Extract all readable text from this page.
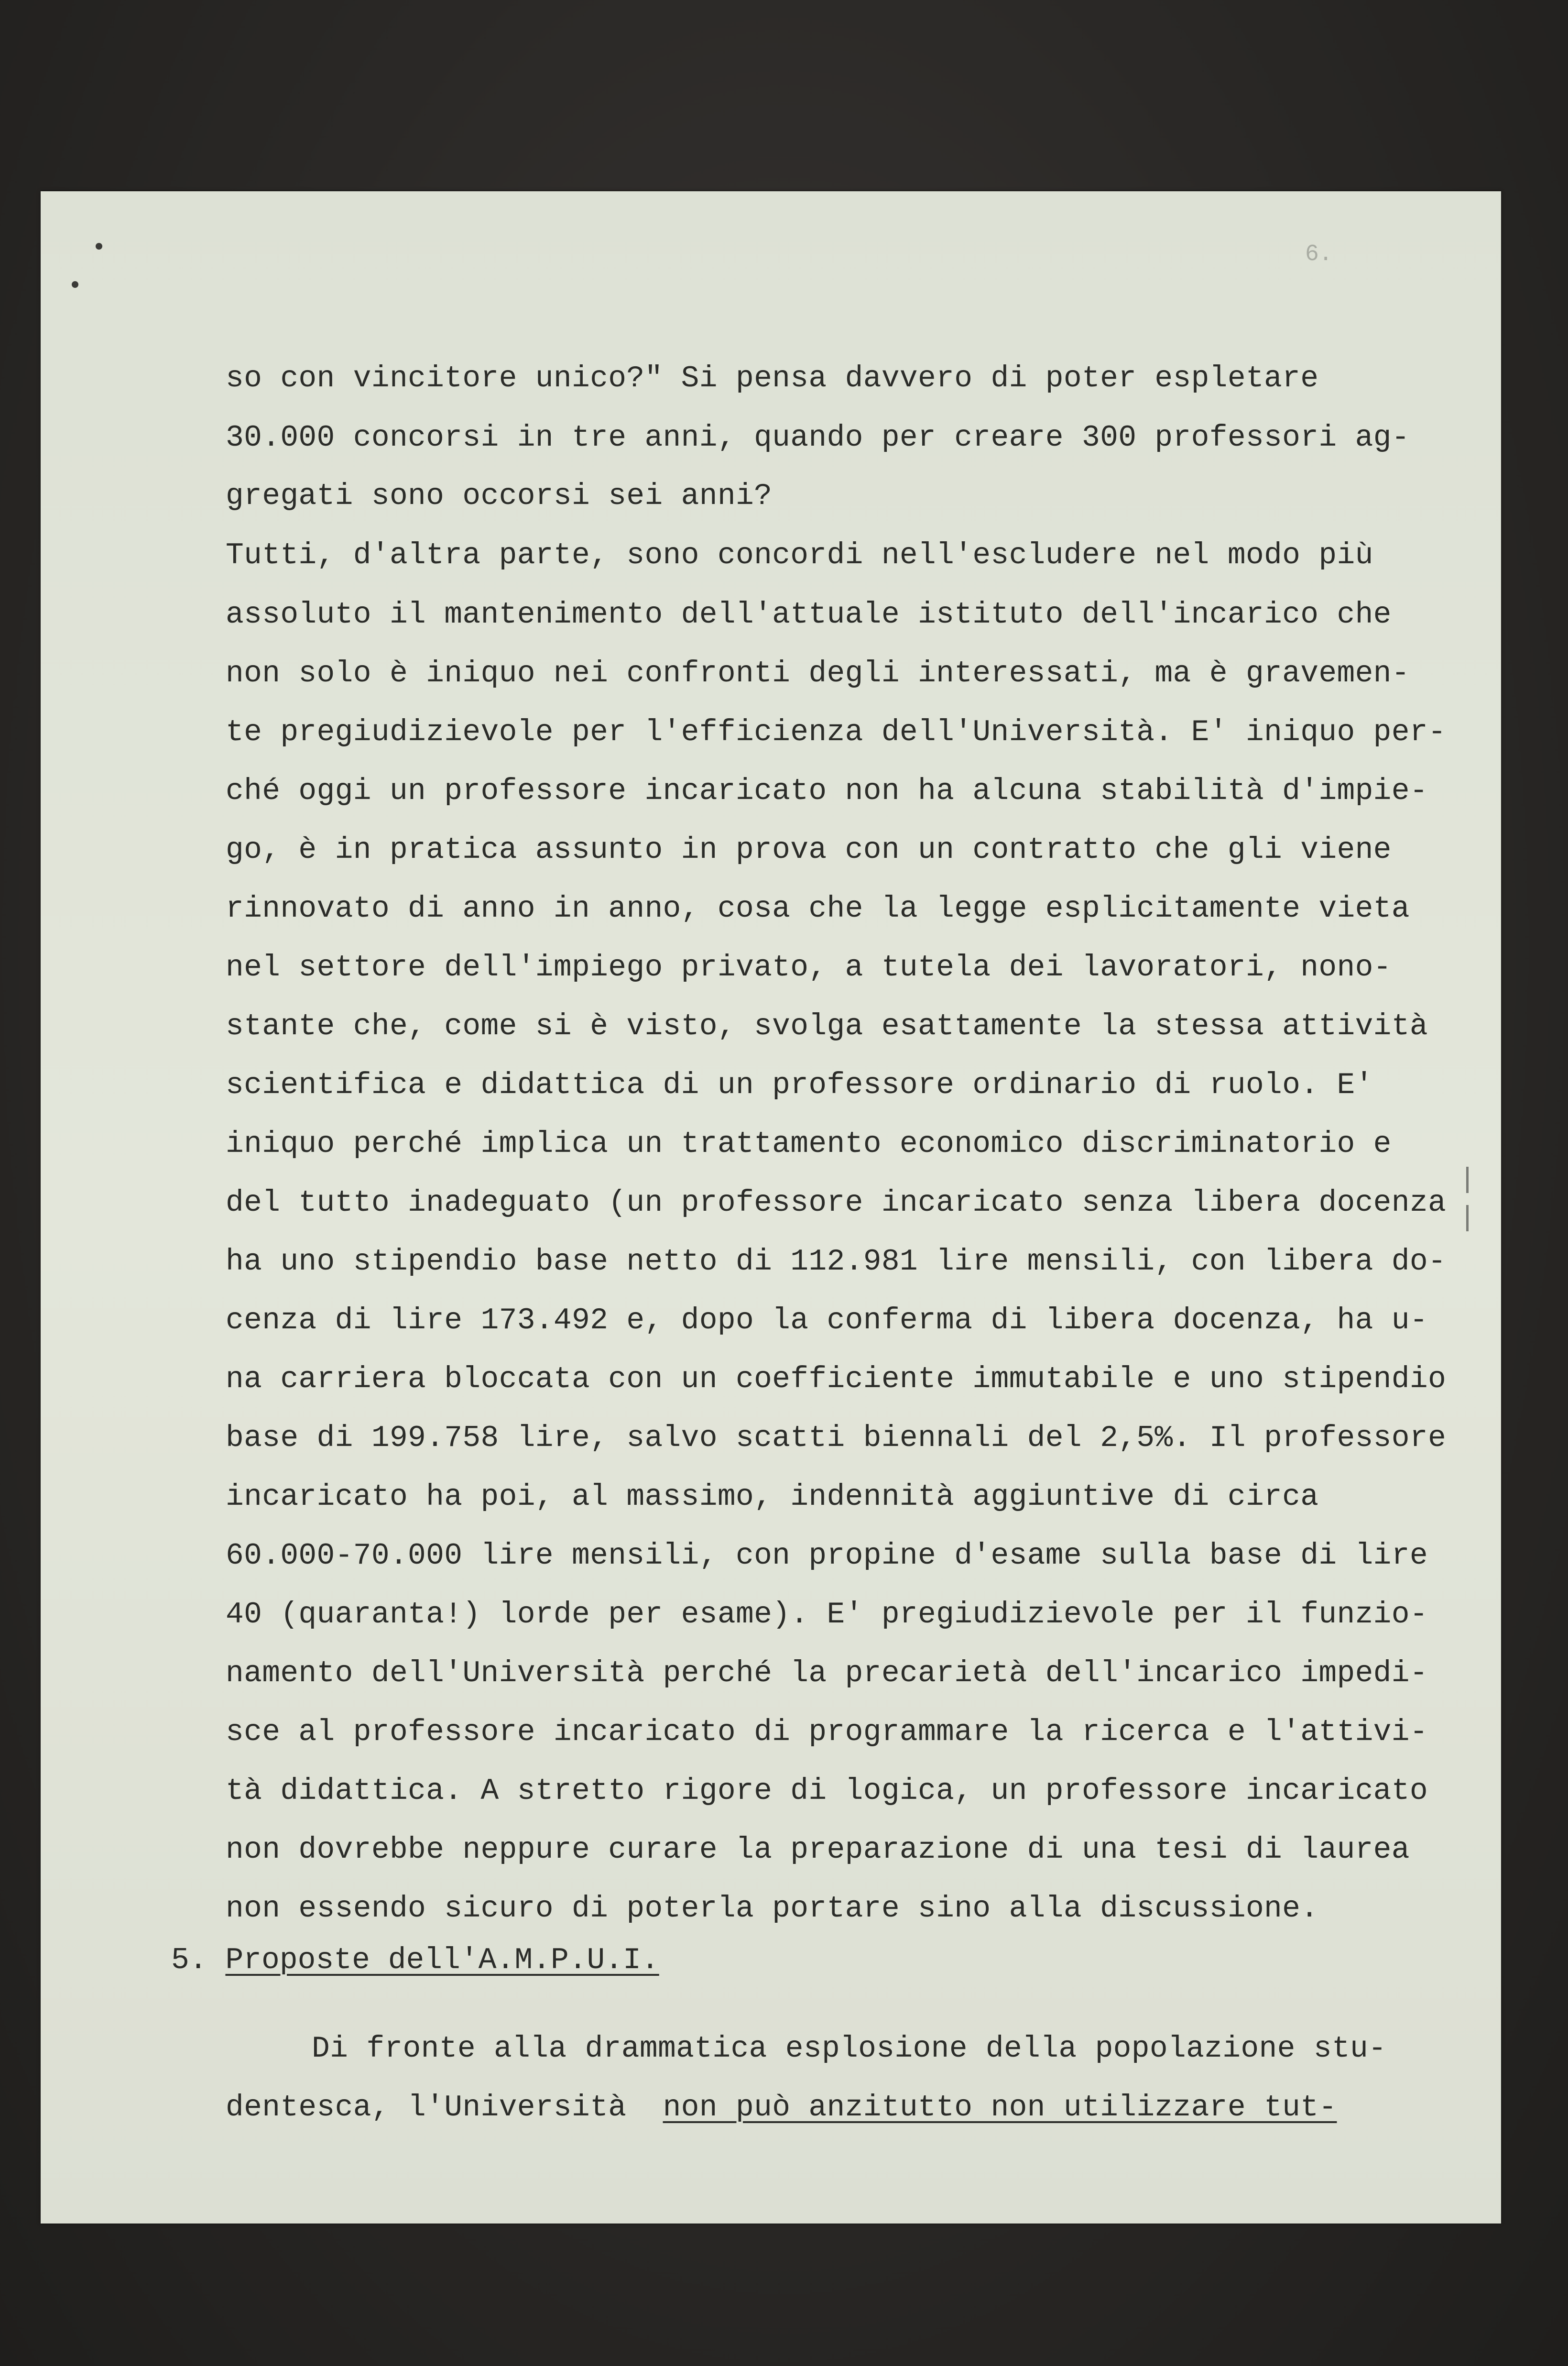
6.
so con vincitore unico?" Si pensa davvero di poter espletare
30.000 concorsi in tre anni, quando per creare 300 professori ag-
gregati sono occorsi sei anni?
Tutti, d'altra parte, sono concordi nell'escludere nel modo più
assoluto il mantenimento dell'attuale istituto dell'incarico che
non solo è iniquo nei confronti degli interessati, ma è gravemen-
te pregiudizievole per l'efficienza dell'Università. E' iniquo per-
ché oggi un professore incaricato non ha alcuna stabilità d'impie-
go, è in pratica assunto in prova con un contratto che gli viene
rinnovato di anno in anno, cosa che la legge esplicitamente vieta
nel settore dell'impiego privato, a tutela dei lavoratori, nono-
stante che, come si è visto, svolga esattamente la stessa attività
scientifica e didattica di un professore ordinario di ruolo. E'
iniquo perché implica un trattamento economico discriminatorio e
del tutto inadeguato (un professore incaricato senza libera docenza
ha uno stipendio base netto di 112.981 lire mensili, con libera do-
cenza di lire 173.492 e, dopo la conferma di libera docenza, ha u-
na carriera bloccata con un coefficiente immutabile e uno stipendio
base di 199.758 lire, salvo scatti biennali del 2,5%. Il professore
incaricato ha poi, al massimo, indennità aggiuntive di circa
60.000-70.000 lire mensili, con propine d'esame sulla base di lire
40 (quaranta!) lorde per esame). E' pregiudizievole per il funzio-
namento dell'Università perché la precarietà dell'incarico impedi-
sce al professore incaricato di programmare la ricerca e l'attivi-
tà didattica. A stretto rigore di logica, un professore incaricato
non dovrebbe neppure curare la preparazione di una tesi di laurea
non essendo sicuro di poterla portare sino alla discussione.
5. Proposte dell'A.M.P.U.I.
Di fronte alla drammatica esplosione della popolazione stu-
dentesca, l'Università  non può anzitutto non utilizzare tut-
